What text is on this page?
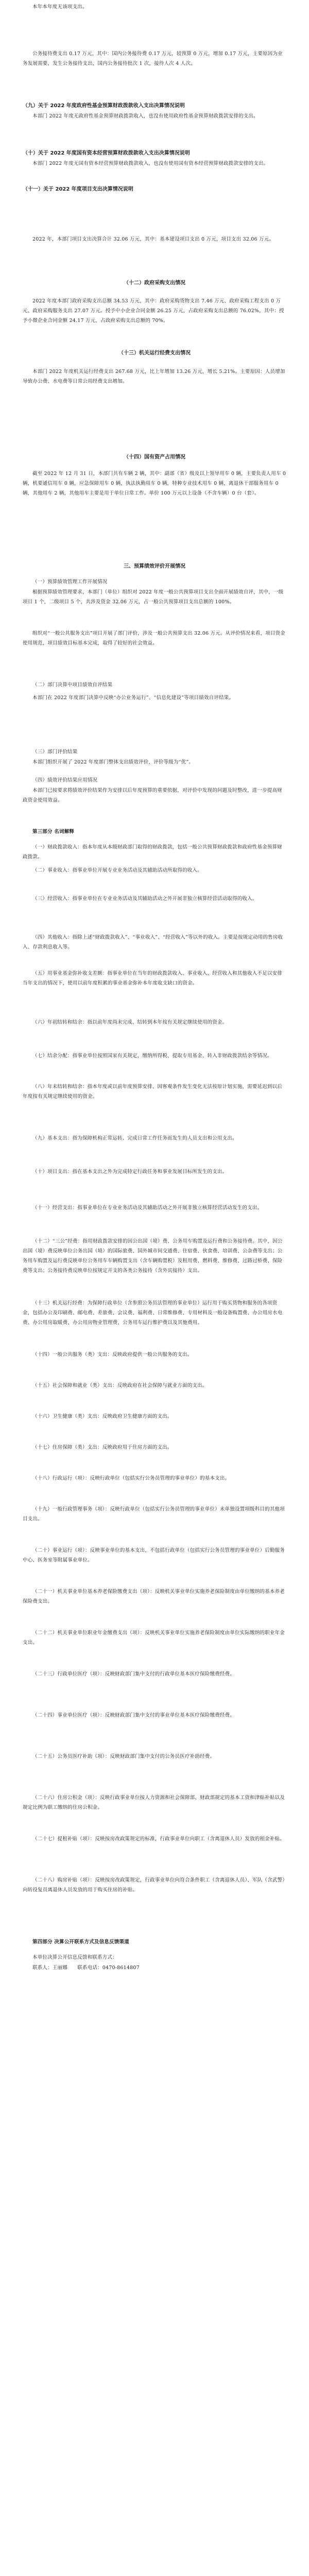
本年本年度无该项支出。

公务接待费支出 0.17 万元，其中：国内公务接待费 0.17 万元，较预算 0 万元，增加 0.17 万元，主要原因为业务发展需要，发生公务接待支出，国内公务接待批次 1 次，接待人次 4 人次。

（九）关于 2022 年度政府性基金预算财政拨款收入支出决算情况说明

本部门 2022 年度无政府性基金预算财政拨款收入，也没有使用政府性基金预算财政拨款安排的支出。

（十）关于 2022 年度国有资本经营预算财政拨款收入支出决算情况说明

本部门 2022 年度无国有资本经营预算财政拨款收入，也没有使用国有资本经营预算财政拨款安排的支出。

（十一）关于 2022 年度项目支出决算情况说明

2022 年，本部门项目支出决算合计 32.06 万元，其中：基本建设项目支出 0 万元，项目支出 32.06 万元。

（十二）政府采购支出情况

2022 年度本部门政府采购支出总额 34.53 万元，其中：政府采购货物支出 7.46 万元、政府采购工程支出 0 万元、政府采购服务支出 27.07 万元。授予中小企业合同金额 26.25 万元，占政府采购支出总额的 76.02%，其中：授予小微企业合同金额 24.17 万元，占政府采购支出总额的 70%。

（十三）机关运行经费支出情况

本部门 2022 年度机关运行经费支出 267.68 万元，比上年增加 13.26 万元，增长 5.21%。主要原因：人员增加导致办公费、水电费等日常公用经费支出增加。

（十四）国有资产占用情况

截至 2022 年 12 月 31 日，本部门共有车辆 2 辆，其中：副部（省）级及以上领导用车 0 辆，主要负责人用车 0 辆，机要通信用车 0 辆，应急保障用车 0 辆，执法执勤用车 0 辆，特种专业技术用车 0 辆，离退休干部服务用车 0 辆，其他用车 2 辆，其他用车主要是用于单位日常工作。单价 100 万元以上设备（不含车辆）0 台（套）。

三、预算绩效评价开展情况

（一）预算绩效管理工作开展情况

根据预算绩效管理要求，本部门（单位）组织对 2022 年度一般公共预算项目支出全面开展绩效自评，其中，一级项目 1 个，二级项目 5 个，共涉及资金 32.06 万元，占一般公共预算项目支出总额的 100%。

组织对“一般公共服务支出”项目开展了部门评价，涉及一般公共预算支出 32.06 万元。从评价情况来看，项目资金使用规范，项目绩效目标基本完成，取得了较好的社会效益。

（二）部门决算中项目绩效自评结果

本部门在 2022 年度部门决算中反映“办公业务运行”、“信息化建设”等项目绩效自评结果。

（三）部门评价结果

本部门组织开展了 2022 年度部门整体支出绩效评价，评价等级为“优”。

（四）绩效评价结果应用情况

本部门已按要求将绩效评价结果作为安排以后年度预算的重要依据，对评价中发现的问题及时整改，进一步提高财政资金使用效益。

第三部分 名词解释

（一）财政拨款收入：指本年度从本级财政部门取得的财政拨款，包括一般公共预算财政拨款和政府性基金预算财政拨款。

（二）事业收入：指事业单位开展专业业务活动及其辅助活动所取得的收入。

（三）经营收入：指事业单位在专业业务活动及其辅助活动之外开展非独立核算经营活动取得的收入。

（四）其他收入：指除上述“财政拨款收入”、“事业收入”、“经营收入”等以外的收入。主要是按规定动用的售房收入、存款利息收入等。

（五）用事业基金弥补收支差额：指事业单位在当年的财政拨款收入、事业收入、经营收入和其他收入不足以安排当年支出的情况下，使用以前年度积累的事业基金弥补本年度收支缺口的资金。

（六）年初结转和结余：指以前年度尚未完成、结转到本年按有关规定继续使用的资金。

（七）结余分配：指事业单位按照国家有关规定，缴纳所得税、提取专用基金、转入非财政拨款结余等情况。

（八）年末结转和结余：指本年度或以前年度预算安排、因客观条件发生变化无法按原计划实施，需要延迟到以后年度按有关规定继续使用的资金。

（九）基本支出：指为保障机构正常运转、完成日常工作任务而发生的人员支出和公用支出。

（十）项目支出：指在基本支出之外为完成特定行政任务和事业发展目标所发生的支出。

（十一）经营支出：指事业单位在专业业务活动及其辅助活动之外开展非独立核算经营活动发生的支出。

（十二）“三公”经费：指用财政拨款安排的因公出国（境）费、公务用车购置及运行费和公务接待费。其中，因公出国（境）费反映单位公务出国（境）的国际旅费、国外城市间交通费、住宿费、伙食费、培训费、公杂费等支出；公务用车购置及运行费反映单位公务用车车辆购置支出（含车辆购置税）及租用费、燃料费、维修费、过路过桥费、保险费等支出；公务接待费反映单位按规定开支的各类公务接待（含外宾接待）支出。

（十三）机关运行经费：为保障行政单位（含参照公务员法管理的事业单位）运行用于购买货物和服务的各项资金，包括办公及印刷费、邮电费、差旅费、会议费、福利费、日常维修费、专用材料及一般设备购置费、办公用房水电费、办公用房取暖费、办公用房物业管理费、公务用车运行维护费以及其他费用。

（十四）一般公共服务（类）支出：反映政府提供一般公共服务的支出。

（十五）社会保障和就业（类）支出：反映政府在社会保障与就业方面的支出。

（十六）卫生健康（类）支出：反映政府卫生健康方面的支出。

（十七）住房保障（类）支出：反映政府用于住房方面的支出。

（十八）行政运行（项）：反映行政单位（包括实行公务员管理的事业单位）的基本支出。

（十九）一般行政管理事务（项）：反映行政单位（包括实行公务员管理的事业单位）未单独设置项级科目的其他项目支出。

（二十）事业运行（项）：反映事业单位的基本支出，不包括行政单位（包括实行公务员管理的事业单位）后勤服务中心、医务室等附属事业单位。

（二十一）机关事业单位基本养老保险缴费支出（项）：反映机关事业单位实施养老保险制度由单位缴纳的基本养老保险费支出。

（二十二）机关事业单位职业年金缴费支出（项）：反映机关事业单位实施养老保险制度由单位实际缴纳的职业年金支出。

（二十三）行政单位医疗（项）：反映财政部门集中支付的行政单位基本医疗保险缴费经费。

（二十四）事业单位医疗（项）：反映财政部门集中支付的事业单位基本医疗保险缴费经费。

（二十五）公务员医疗补助（项）：反映财政部门集中支付的公务员医疗补助经费。

（二十六）住房公积金（项）：反映行政事业单位按人力资源和社会保障部、财政部规定的基本工资和津贴补贴以及规定比例为职工缴纳的住房公积金。

（二十七）提租补贴（项）：反映按房改政策规定的标准，行政事业单位向职工（含离退休人员）发放的租金补贴。

（二十八）购房补贴（项）：反映按房改政策规定，行政事业单位向符合条件职工（含离退休人员）、军队（含武警）向转役复员离退休人员发放的用于购买住房的补贴。

第四部分 决算公开联系方式及信息反馈渠道

本单位决算公开信息反馈和联系方式：

联系人：王丽娜　　联系电话：0470-8614807
